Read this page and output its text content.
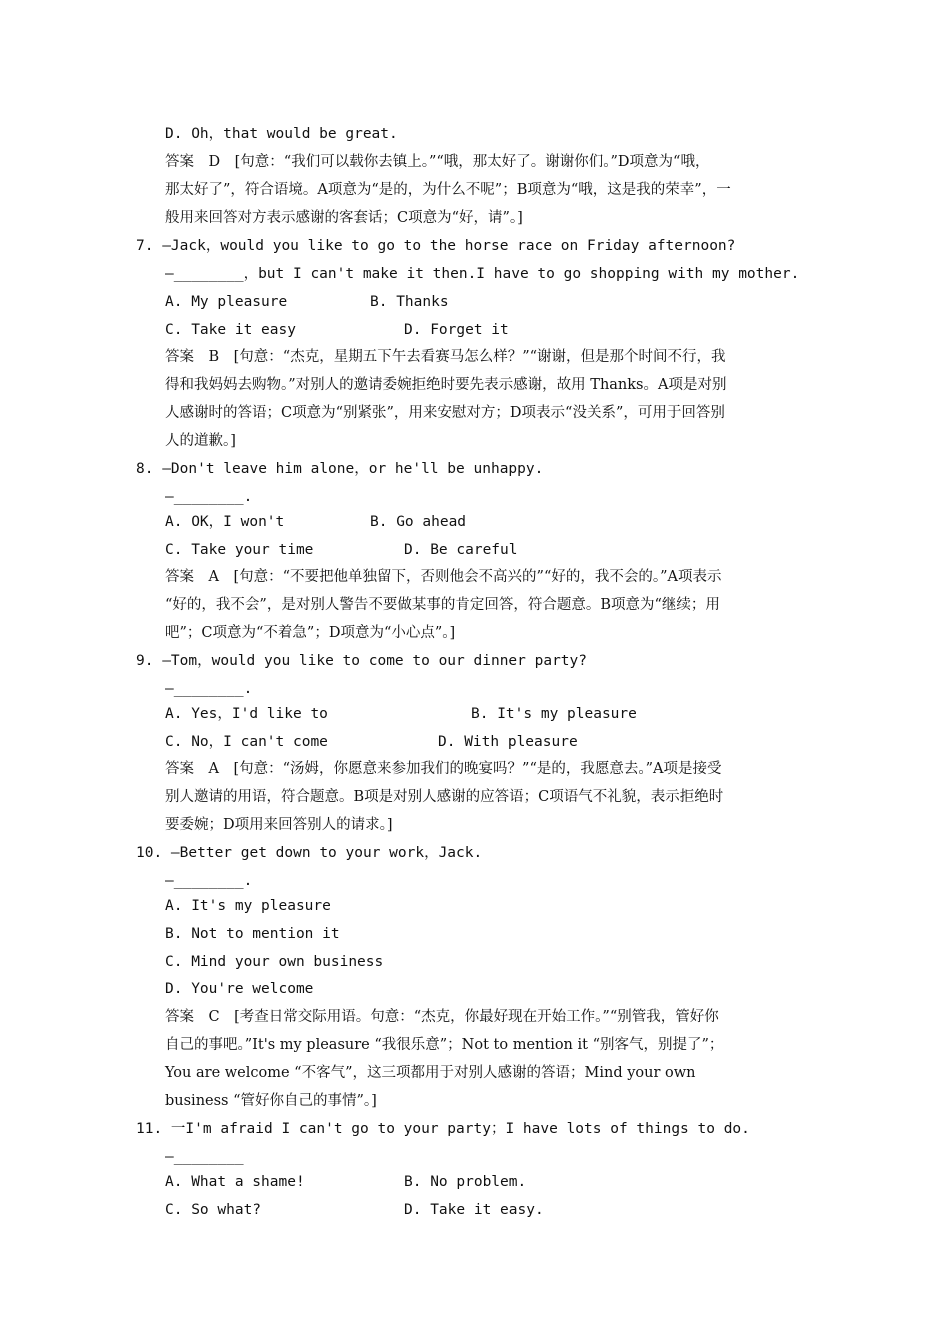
D. Oh，that would be great.
答案　D　[句意：“我们可以载你去镇上。”“哦，那太好了。谢谢你们。”D项意为“哦，
那太好了”，符合语境。A项意为“是的，为什么不呢”；B项意为“哦，这是我的荣幸”，一
般用来回答对方表示感谢的客套话；C项意为“好，请”。]
7. —Jack，would you like to go to the horse race on Friday afternoon?
—________，but I can't make it then.I have to go shopping with my mother.
A. My pleasure	B. Thanks
C. Take it easy	D. Forget it
答案　B　[句意：“杰克，星期五下午去看赛马怎么样？”“谢谢，但是那个时间不行，我
得和我妈妈去购物。”对别人的邀请委婉拒绝时要先表示感谢，故用 Thanks。A项是对别
人感谢时的答语；C项意为“别紧张”，用来安慰对方；D项表示“没关系”，可用于回答别
人的道歉。]
8. —Don't leave him alone，or he'll be unhappy.
—________.
A. OK，I won't	B. Go ahead
C. Take your time	D. Be careful
答案　A　[句意：“不要把他单独留下，否则他会不高兴的”“好的，我不会的。”A项表示
“好的，我不会”，是对别人警告不要做某事的肯定回答，符合题意。B项意为“继续；用
吧”；C项意为“不着急”；D项意为“小心点”。]
9. —Tom，would you like to come to our dinner party?
—________.
A. Yes，I'd like to	B. It's my pleasure
C. No，I can't come	D. With pleasure
答案　A　[句意：“汤姆，你愿意来参加我们的晚宴吗？”“是的，我愿意去。”A项是接受
别人邀请的用语，符合题意。B项是对别人感谢的应答语；C项语气不礼貌，表示拒绝时
要委婉；D项用来回答别人的请求。]
10. —Better get down to your work，Jack.
—________.
A. It's my pleasure
B. Not to mention it
C. Mind your own business
D. You're welcome
答案　C　[考查日常交际用语。句意：“杰克，你最好现在开始工作。”“别管我，管好你
自己的事吧。”It's my pleasure “我很乐意”；Not to mention it “别客气，别提了”；
You are welcome “不客气”，这三项都用于对别人感谢的答语；Mind your own
business “管好你自己的事情”。]
11. 一I'm afraid I can't go to your party；I have lots of things to do.
—________
A. What a shame!	B. No problem.
C. So what?	D. Take it easy.
